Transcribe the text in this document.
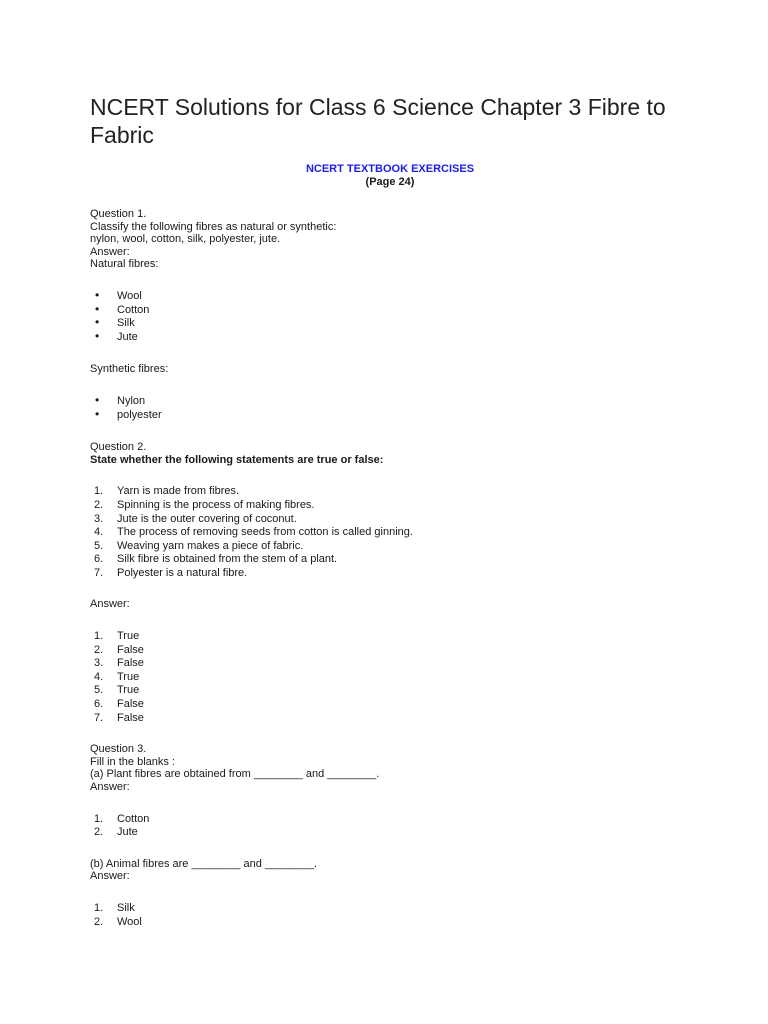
NCERT Solutions for Class 6 Science Chapter 3 Fibre to Fabric
NCERT TEXTBOOK EXERCISES
(Page 24)

Question 1.

Classify the following fibres as natural or synthetic:

nylon, wool, cotton, silk, polyester, jute.

Answer:

Natural fibres:

• Wool
• Cotton
• Silk
• Jute

Synthetic fibres:

• Nylon
• polyester

Question 2.

State whether the following statements are true or false:

1.	Yarn is made from fibres.
2.	Spinning is the process of making fibres.
3.	Jute is the outer covering of coconut.
4.	The process of removing seeds from cotton is called ginning.
5.	Weaving yarn makes a piece of fabric.
6.	Silk fibre is obtained from the stem of a plant.
7.	Polyester is a natural fibre.

Answer:

1.	True
2.	False
3.	False
4.	True
5.	True
6.	False
7.	False

Question 3.

Fill in the blanks :

(a) Plant fibres are obtained from ________ and ________.

Answer:

1.	Cotton
2.	Jute

(b) Animal fibres are ________ and ________.

Answer:

1.	Silk
2.	Wool
